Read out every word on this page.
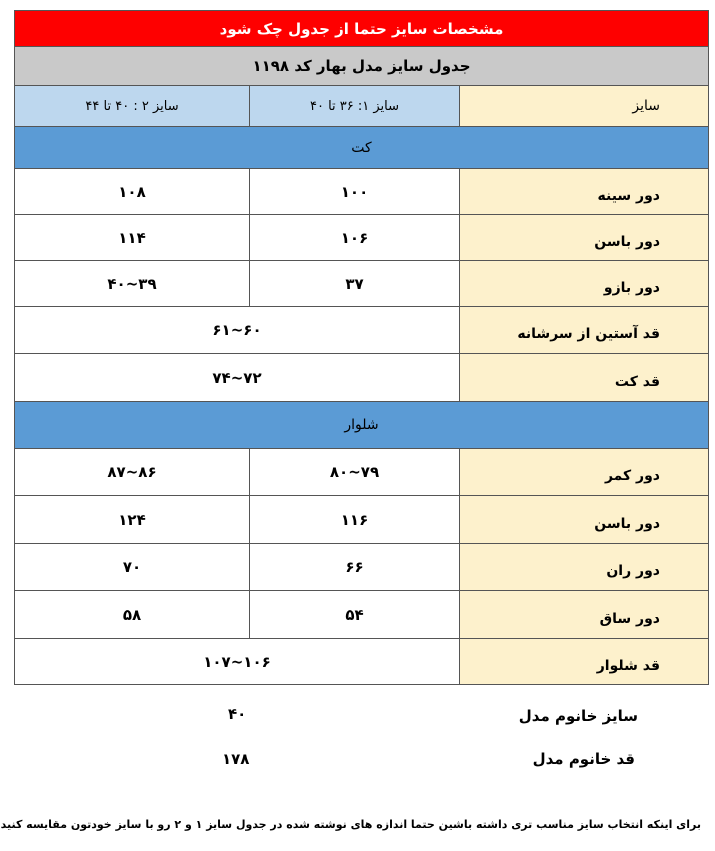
مشخصات سایز حتما از جدول چک شود
جدول سایز مدل بهار کد ۱۱۹۸
سایز
سایز ۱: ۳۶ تا ۴۰
سایز ۲ : ۴۰ تا ۴۴
کت
دور سینه
۱۰۰
۱۰۸
دور باسن
۱۰۶
۱۱۴
دور بازو
۳۷
۳۹~۴۰
قد آستین از سرشانه
۶۰~۶۱
قد کت
۷۲~۷۴
شلوار
دور کمر
۷۹~۸۰
۸۶~۸۷
دور باسن
۱۱۶
۱۲۴
دور ران
۶۶
۷۰
دور ساق
۵۴
۵۸
قد شلوار
۱۰۶~۱۰۷
سایز خانوم مدل
۴۰
قد خانوم مدل
۱۷۸
برای اینکه انتخاب سایز مناسب تری داشته باشین حتما اندازه های نوشته شده در جدول سایز ۱ و ۲ رو با سایز خودتون مقایسه کنید
